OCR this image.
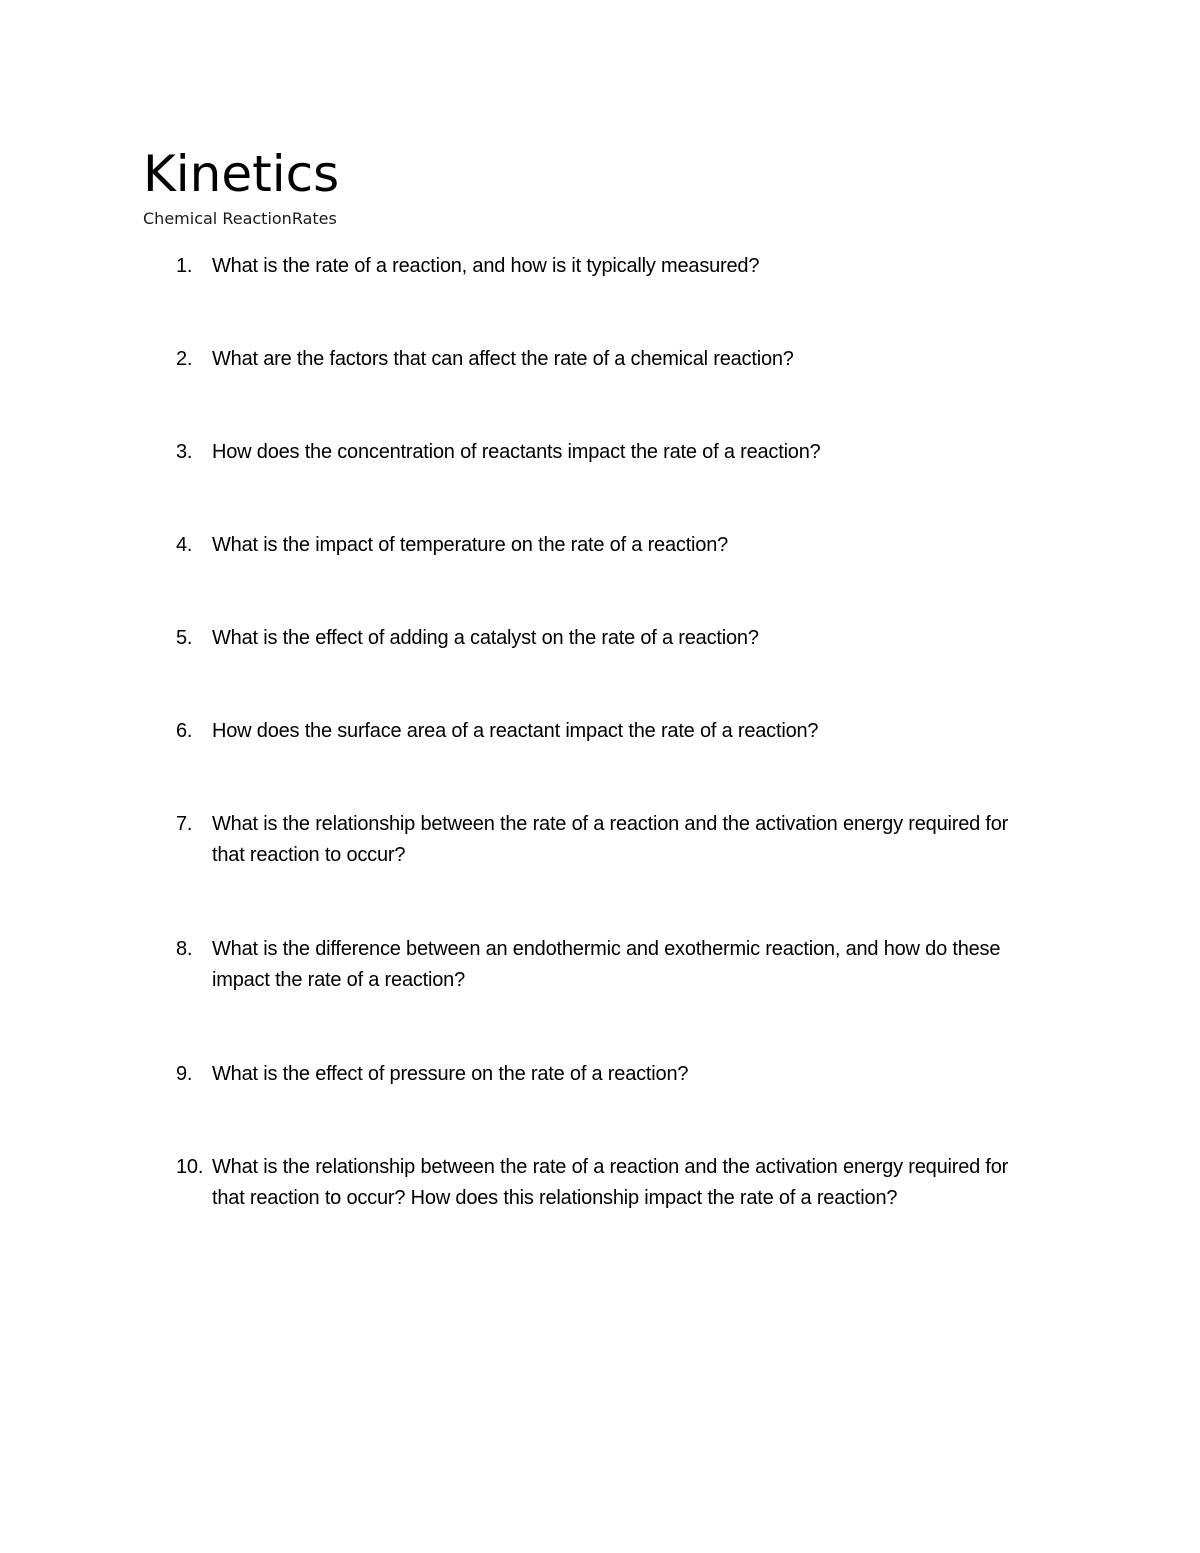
Kinetics

Chemical ReactionRates

1. What is the rate of a reaction, and how is it typically measured?
2. What are the factors that can affect the rate of a chemical reaction?
3. How does the concentration of reactants impact the rate of a reaction?
4. What is the impact of temperature on the rate of a reaction?
5. What is the effect of adding a catalyst on the rate of a reaction?
6. How does the surface area of a reactant impact the rate of a reaction?
7. What is the relationship between the rate of a reaction and the activation energy required for that reaction to occur?
8. What is the difference between an endothermic and exothermic reaction, and how do these impact the rate of a reaction?
9. What is the effect of pressure on the rate of a reaction?
10. What is the relationship between the rate of a reaction and the activation energy required for that reaction to occur? How does this relationship impact the rate of a reaction?
